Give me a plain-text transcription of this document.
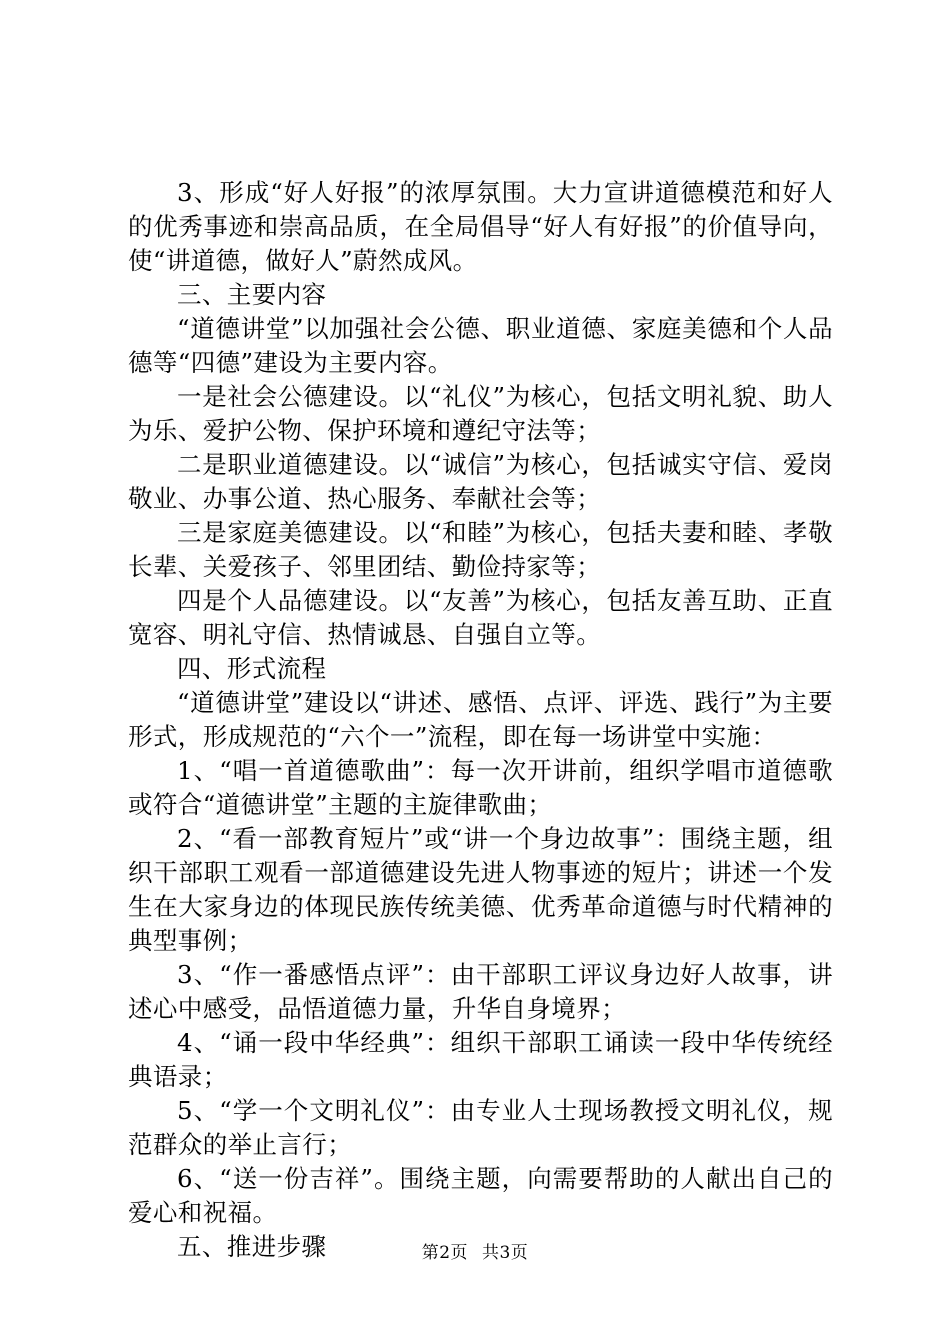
3、形成“好人好报”的浓厚氛围。大力宣讲道德模范和好人的优秀事迹和崇高品质，在全局倡导“好人有好报”的价值导向，使“讲道德，做好人”蔚然成风。

三、主要内容

“道德讲堂”以加强社会公德、职业道德、家庭美德和个人品德等“四德”建设为主要内容。

一是社会公德建设。以“礼仪”为核心，包括文明礼貌、助人为乐、爱护公物、保护环境和遵纪守法等；

二是职业道德建设。以“诚信”为核心，包括诚实守信、爱岗敬业、办事公道、热心服务、奉献社会等；

三是家庭美德建设。以“和睦”为核心，包括夫妻和睦、孝敬长辈、关爱孩子、邻里团结、勤俭持家等；

四是个人品德建设。以“友善”为核心，包括友善互助、正直宽容、明礼守信、热情诚恳、自强自立等。

四、形式流程

“道德讲堂”建设以“讲述、感悟、点评、评选、践行”为主要形式，形成规范的“六个一”流程，即在每一场讲堂中实施：

1、“唱一首道德歌曲”：每一次开讲前，组织学唱市道德歌或符合“道德讲堂”主题的主旋律歌曲；

2、“看一部教育短片”或“讲一个身边故事”：围绕主题，组织干部职工观看一部道德建设先进人物事迹的短片；讲述一个发生在大家身边的体现民族传统美德、优秀革命道德与时代精神的典型事例；

3、“作一番感悟点评”：由干部职工评议身边好人故事，讲述心中感受，品悟道德力量，升华自身境界；

4、“诵一段中华经典”：组织干部职工诵读一段中华传统经典语录；

5、“学一个文明礼仪”：由专业人士现场教授文明礼仪，规范群众的举止言行；

6、“送一份吉祥”。围绕主题，向需要帮助的人献出自己的爱心和祝福。

五、推进步骤	第2页 共3页
